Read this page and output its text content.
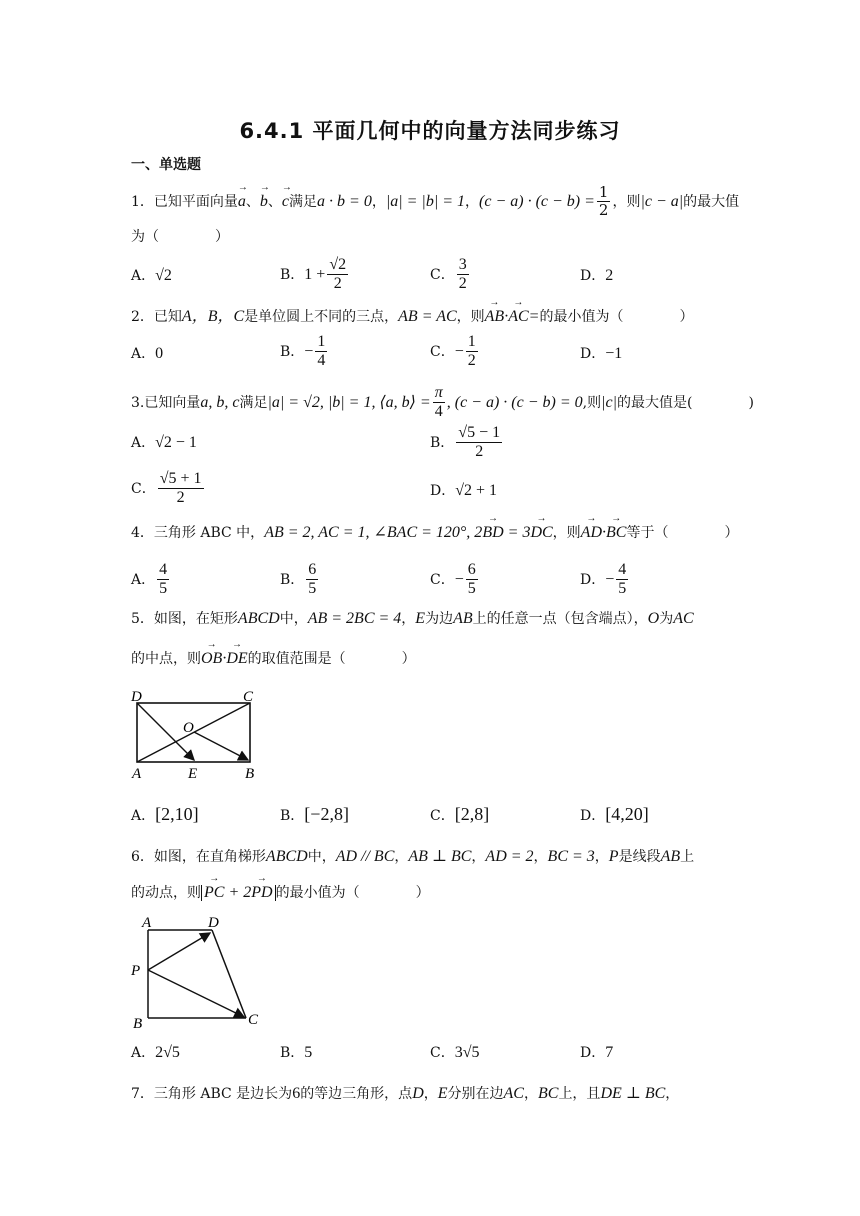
6.4.1 平面几何中的向量方法同步练习
一、单选题
1．已知平面向量→ a、→ b、→ c满足a · b = 0，|a| = |b| = 1，$(c - a) \cdot (c - b) = \frac{1}{2}$ ，则|c − a|的最大值
为（　　　　）
A．√2	B．$1 + \frac{√2}{2}$	C． $\frac{3}{2}$	D．2
2．已知A，B，C是单位圆上不同的三点，AB = AC，则→ AB·→ AC=的最小值为（　　　　）
A．0	B．− $\frac{1}{4}$	C．− $\frac{1}{2}$	D．−1
3.已知向量a, b, c满足|a| = √2, |b| = 1, ⟨a, b⟩ = $\frac{\pi}{4}$ , (c − a) · (c − b) = 0,则|c|的最大值是(　　　　)
A．√2 − 1	B． $\frac{√5 - 1}{2}$
C． $\frac{√5 + 1}{2}$	D．√2 + 1
4．三角形 ABC 中，AB = 2, AC = 1, ∠BAC = 120°, 2→ BD = 3→ DC，则→ AD·→ BC等于（　　　　）
A． $\frac{4}{5}$	B． $\frac{6}{5}$	C．− $\frac{6}{5}$	D．− $\frac{4}{5}$
5．如图，在矩形ABCD中，AB = 2BC = 4，E为边AB上的任意一点（包含端点），O为AC
的中点，则→ OB·→ DE的取值范围是（　　　　）
D	C
O
A	E	B
A．[2,10]	B．[−2,8]	C．[2,8]	D．[4,20]
6．如图，在直角梯形ABCD中，AD // BC，AB ⊥ BC，AD = 2，BC = 3，P是线段AB上
的动点，则→ PC + 2→ PD 的最小值为（　　　　）
A	D
P
B	C
A．2√5	B．5	C．3√5	D．7
7．三角形 ABC 是边长为6的等边三角形，点D，E分别在边AC，BC上，且DE ⊥ BC，
